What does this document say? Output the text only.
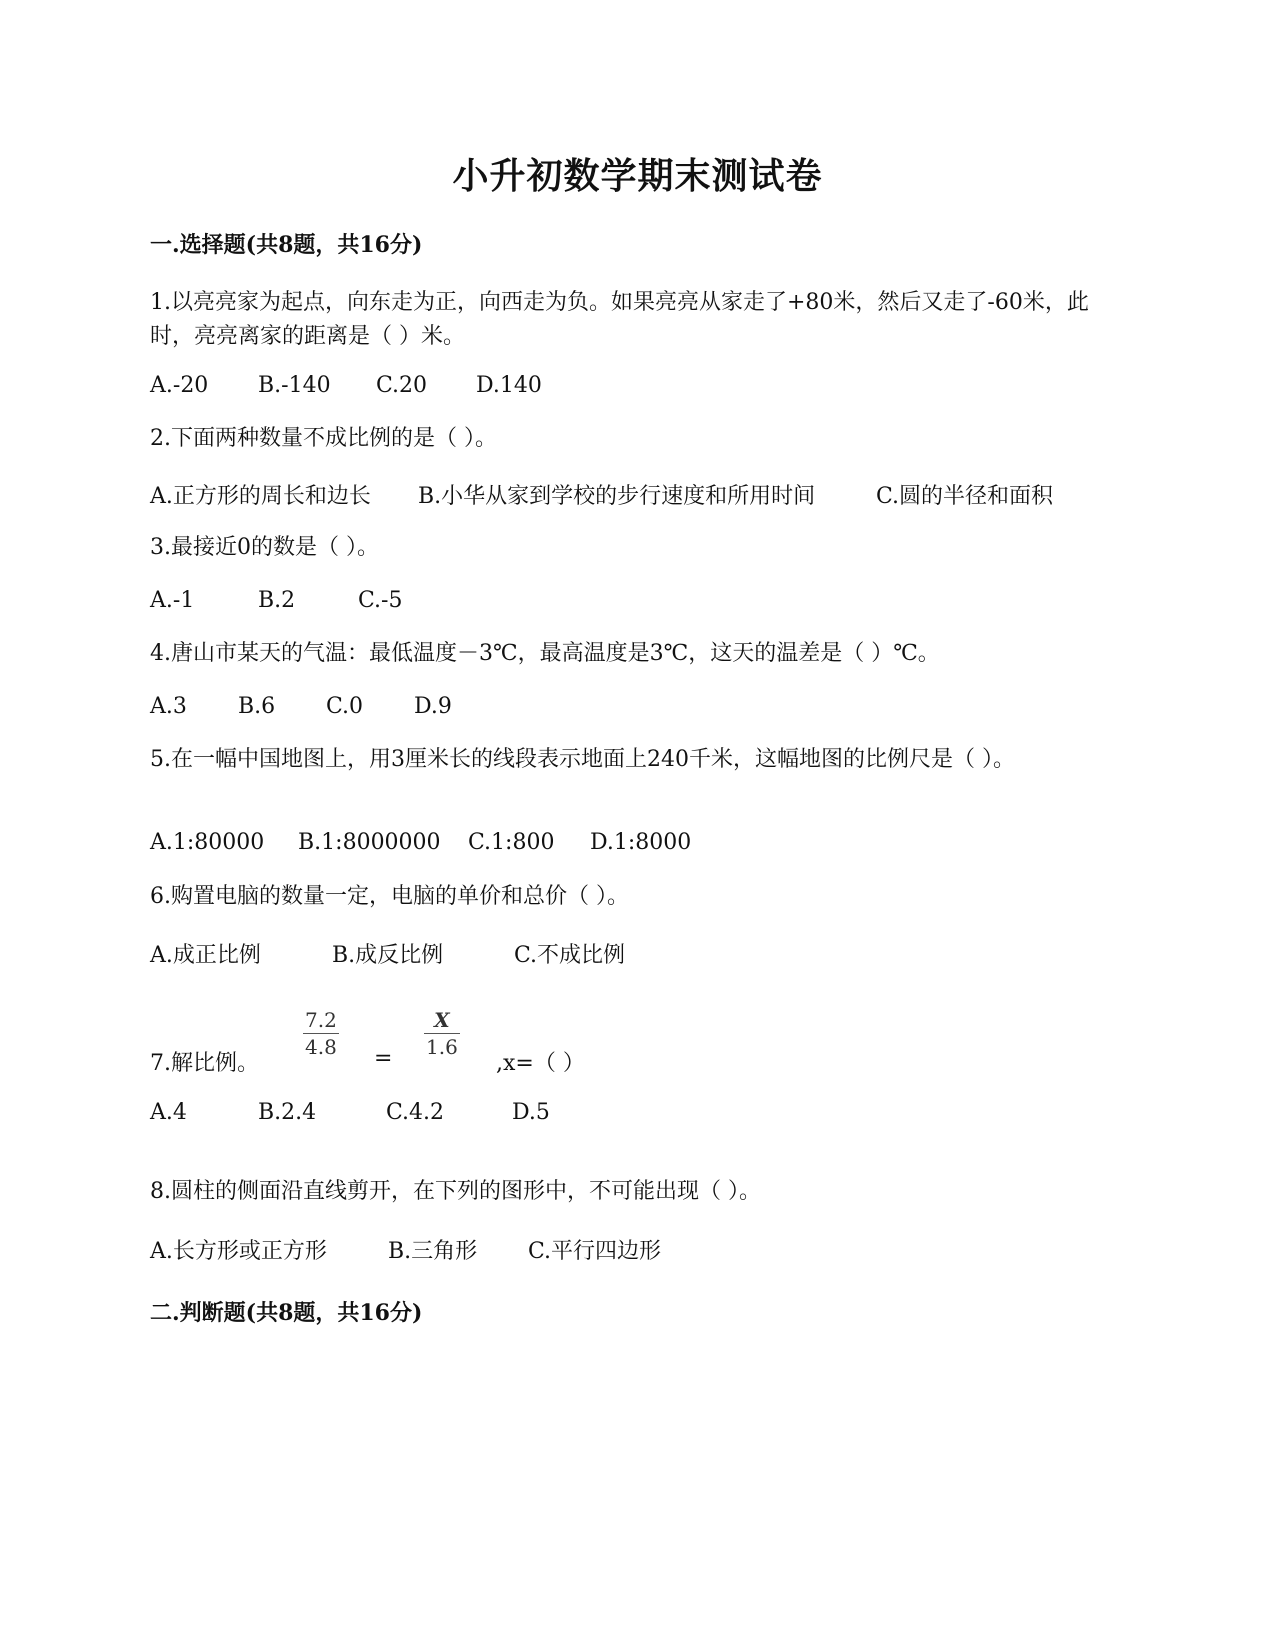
小升初数学期末测试卷
一.选择题(共8题，共16分)
1.以亮亮家为起点，向东走为正，向西走为负。如果亮亮从家走了+80米，然后又走了-60米，此时，亮亮离家的距离是（ ）米。
A.-20 B.-140 C.20 D.140
2.下面两种数量不成比例的是（ ）。
A.正方形的周长和边长 B.小华从家到学校的步行速度和所用时间	C.圆的半径和面积
3.最接近0的数是（ ）。
A.-1	B.2	C.-5
4.唐山市某天的气温：最低温度－3℃，最高温度是3℃，这天的温差是（ ）℃。
A.3 B.6 C.0 D.9
5.在一幅中国地图上，用3厘米长的线段表示地面上240千米，这幅地图的比例尺是（ ）。
A.1:80000 B.1:8000000 C.1:800 D.1:8000
6.购置电脑的数量一定，电脑的单价和总价（ ）。
A.成正比例	B.成反比例	C.不成比例
7.解比例。
7.2
4.8 =
X
1.6
,x=（ ）
A.4	B.2.4	C.4.2	D.5
8.圆柱的侧面沿直线剪开，在下列的图形中，不可能出现（ ）。
A.长方形或正方形	B.三角形 C.平行四边形
二.判断题(共8题，共16分)
